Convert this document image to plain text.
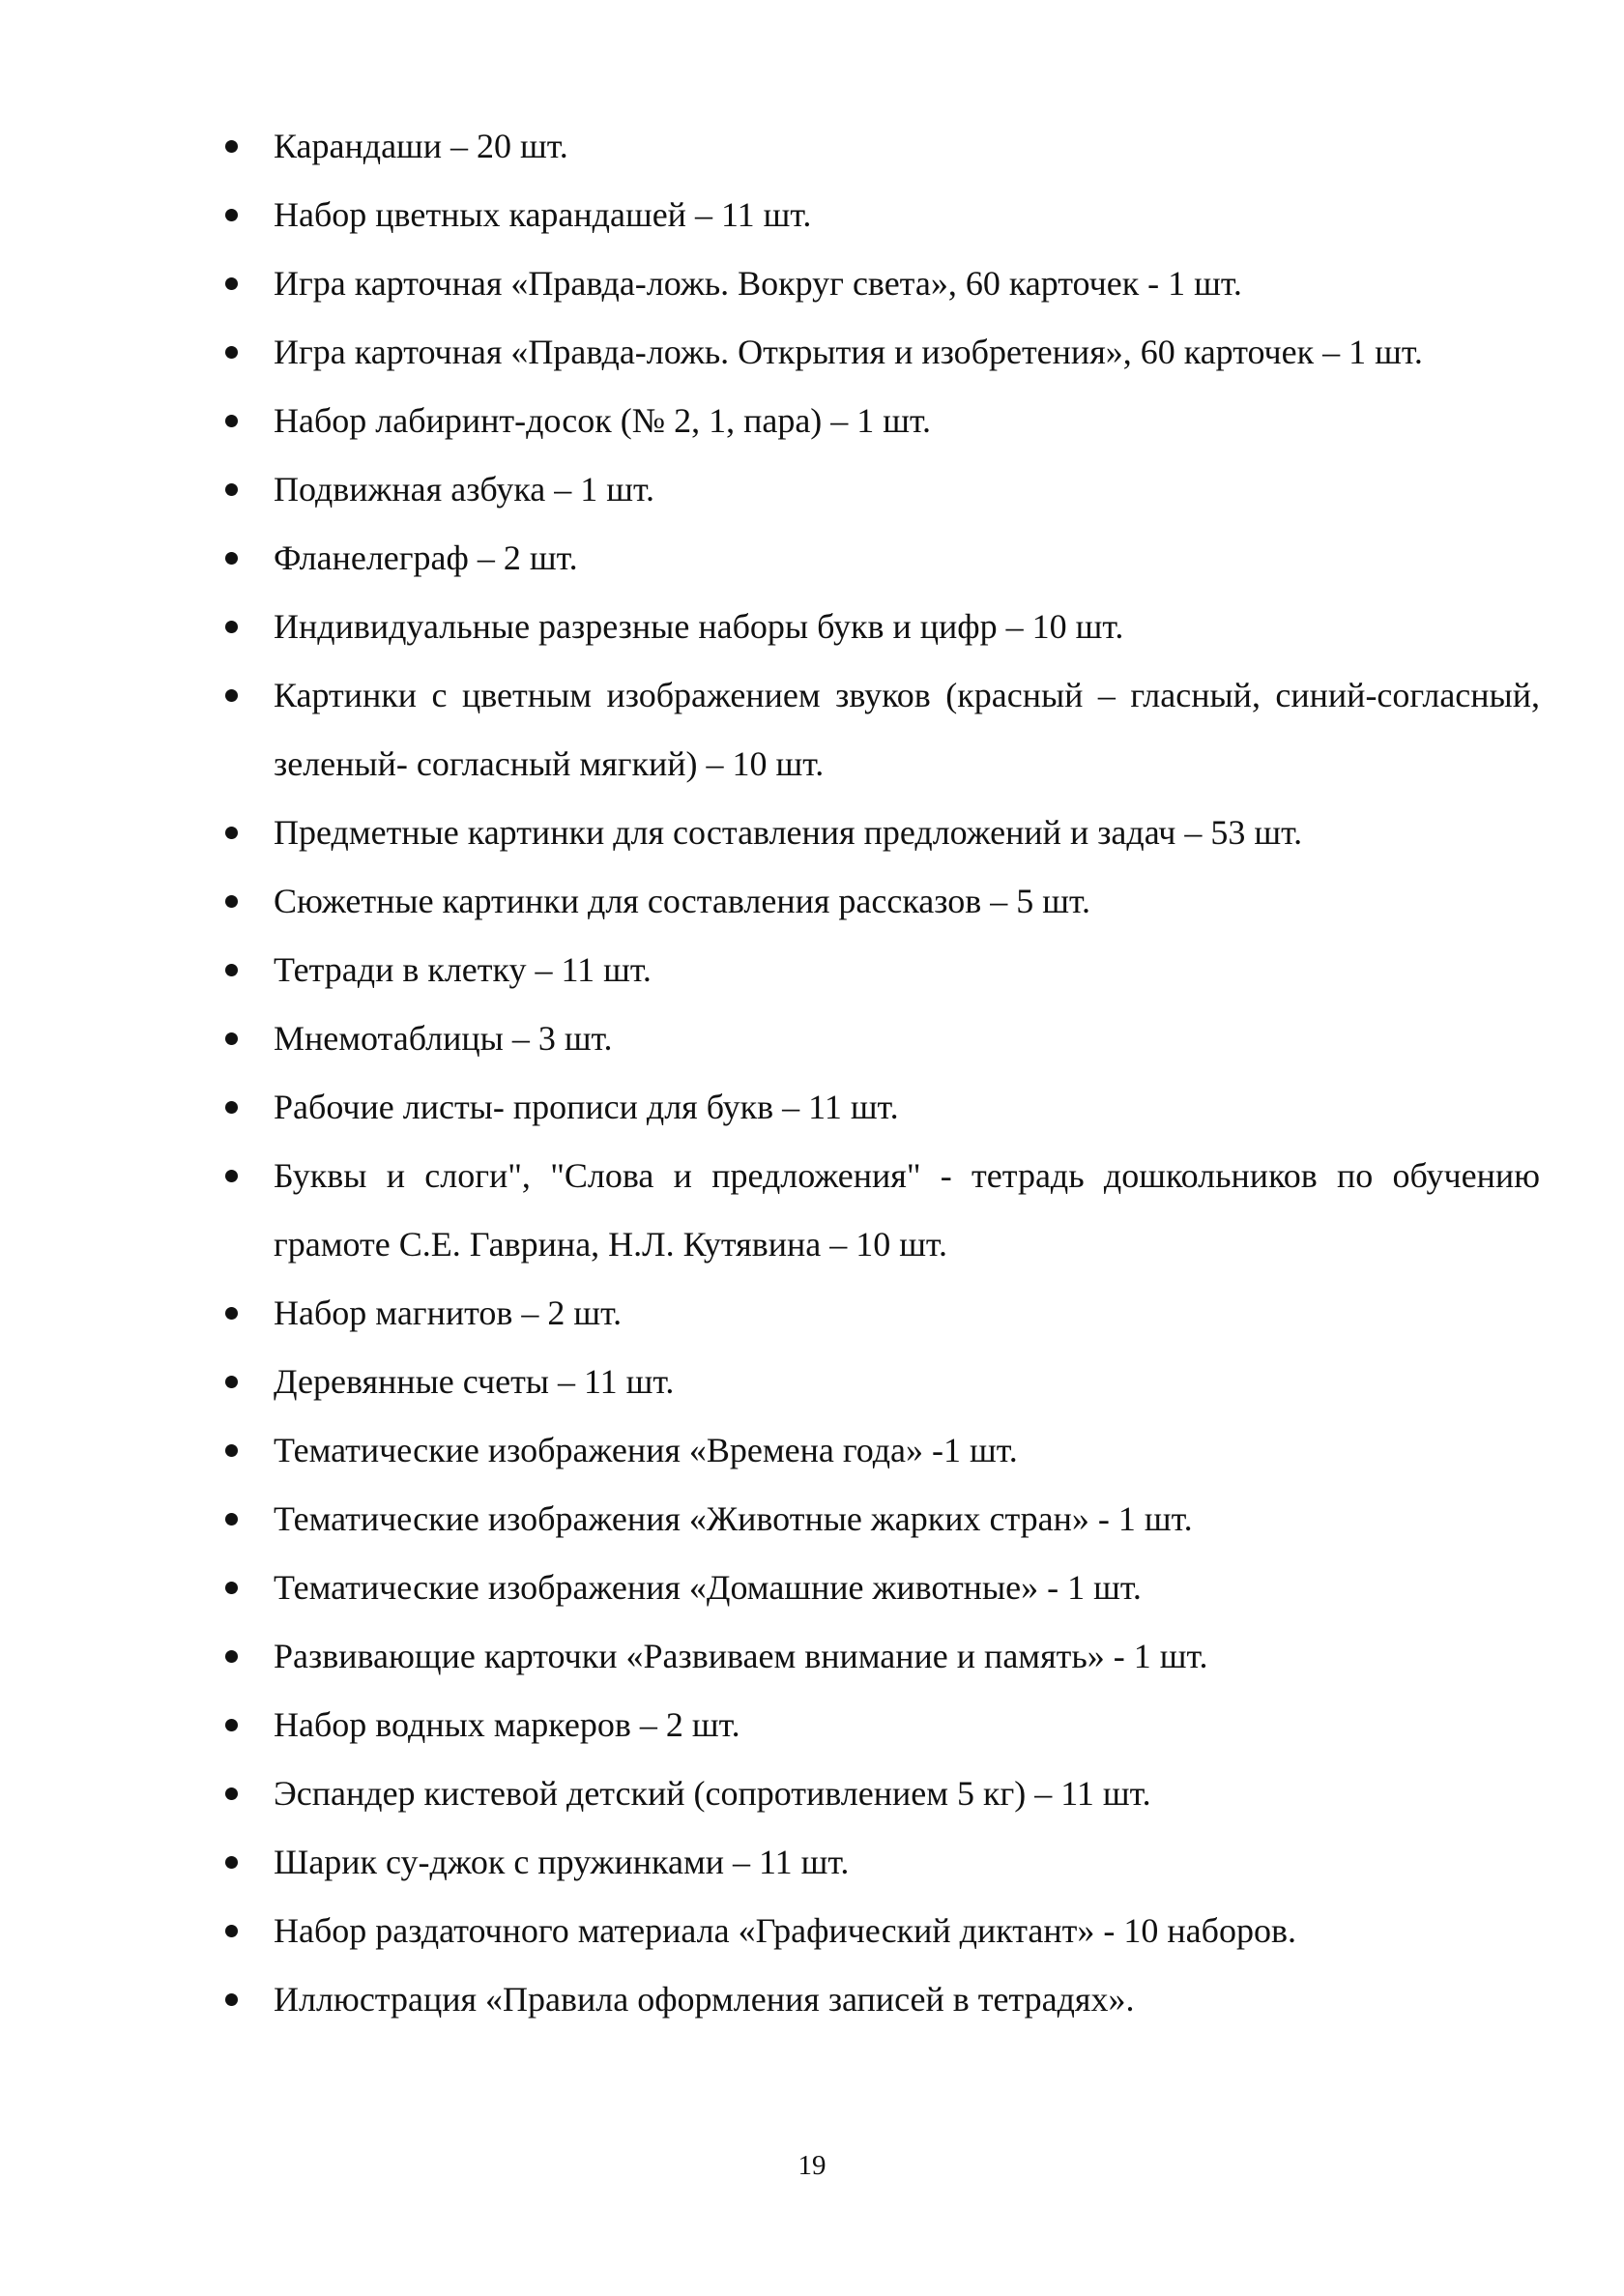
Карандаши – 20 шт.
Набор цветных карандашей – 11 шт.
Игра карточная «Правда-ложь. Вокруг света», 60 карточек - 1 шт.
Игра карточная «Правда-ложь. Открытия и изобретения», 60 карточек – 1 шт.
Набор лабиринт-досок (№ 2, 1, пара) – 1 шт.
Подвижная азбука – 1 шт.
Фланелеграф – 2 шт.
Индивидуальные разрезные наборы букв и цифр – 10 шт.
Картинки с цветным изображением звуков (красный – гласный, синий-согласный, зеленый- согласный мягкий) – 10 шт.
Предметные картинки для составления предложений и задач – 53 шт.
Сюжетные картинки для составления рассказов – 5 шт.
Тетради в клетку – 11 шт.
Мнемотаблицы – 3 шт.
Рабочие листы- прописи для букв – 11 шт.
Буквы и слоги", "Слова и предложения" - тетрадь дошкольников по обучению грамоте С.Е. Гаврина, Н.Л. Кутявина – 10 шт.
Набор магнитов – 2 шт.
Деревянные счеты – 11 шт.
Тематические изображения «Времена года» -1 шт.
Тематические изображения «Животные жарких стран» - 1 шт.
Тематические изображения «Домашние животные» - 1 шт.
Развивающие карточки «Развиваем внимание и память» - 1 шт.
Набор водных маркеров – 2 шт.
Эспандер кистевой детский (сопротивлением 5 кг) – 11 шт.
Шарик су-джок с пружинками – 11 шт.
Набор раздаточного материала «Графический диктант» - 10 наборов.
Иллюстрация «Правила оформления записей в тетрадях».
19
